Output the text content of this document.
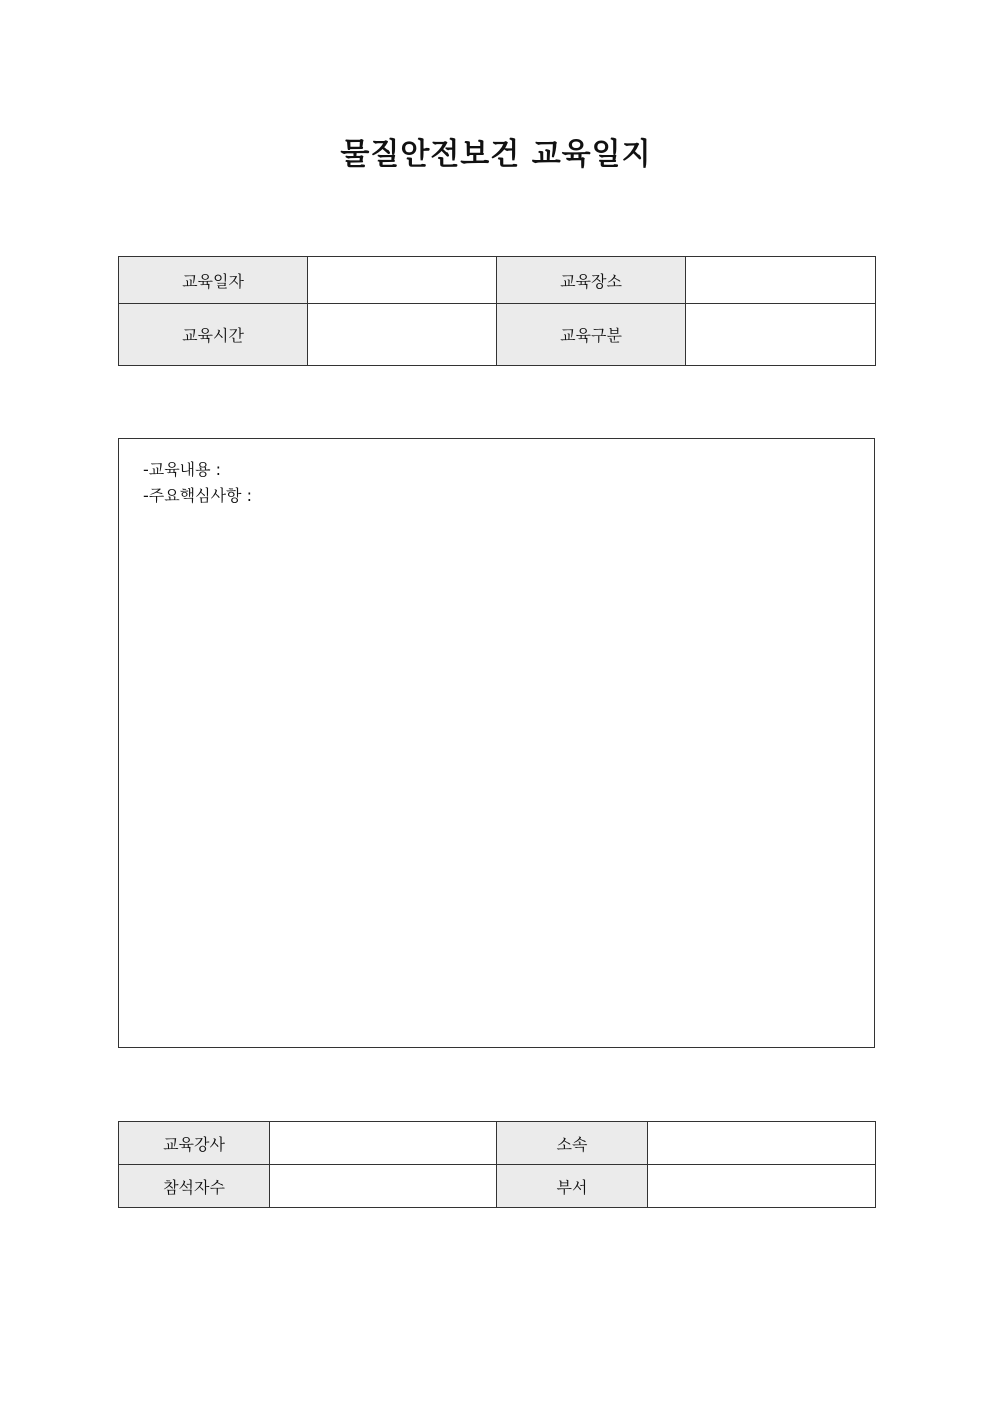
물질안전보건 교육일지
교육일자		교육장소	
교육시간		교육구분	
-교육내용 :
-주요핵심사항 :
교육강사		소속	
참석자수		부서	
